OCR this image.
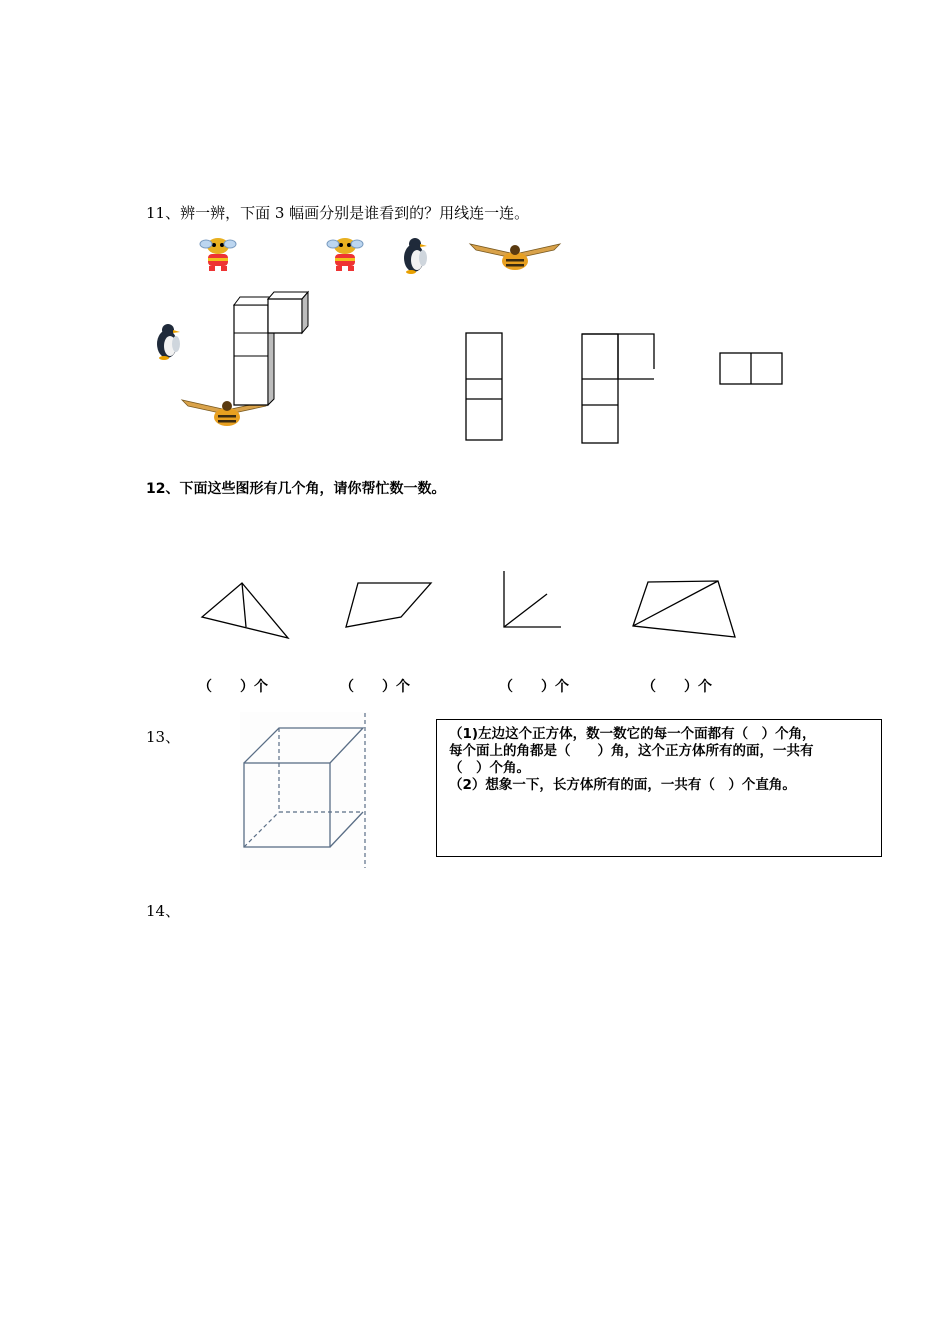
11、辨一辨，下面 3 幅画分别是谁看到的？用线连一连。
12、下面这些图形有几个角，请你帮忙数一数。
（　　）个	（　　）个	（　　）个	（　　）个
13、	（1)左边这个正方体，数一数它的每一个面都有（　）个角，
每个面上的角都是（　　）角，这个正方体所有的面，一共有
（　）个角。
（2）想象一下，长方体所有的面，一共有（　）个直角。
14、
